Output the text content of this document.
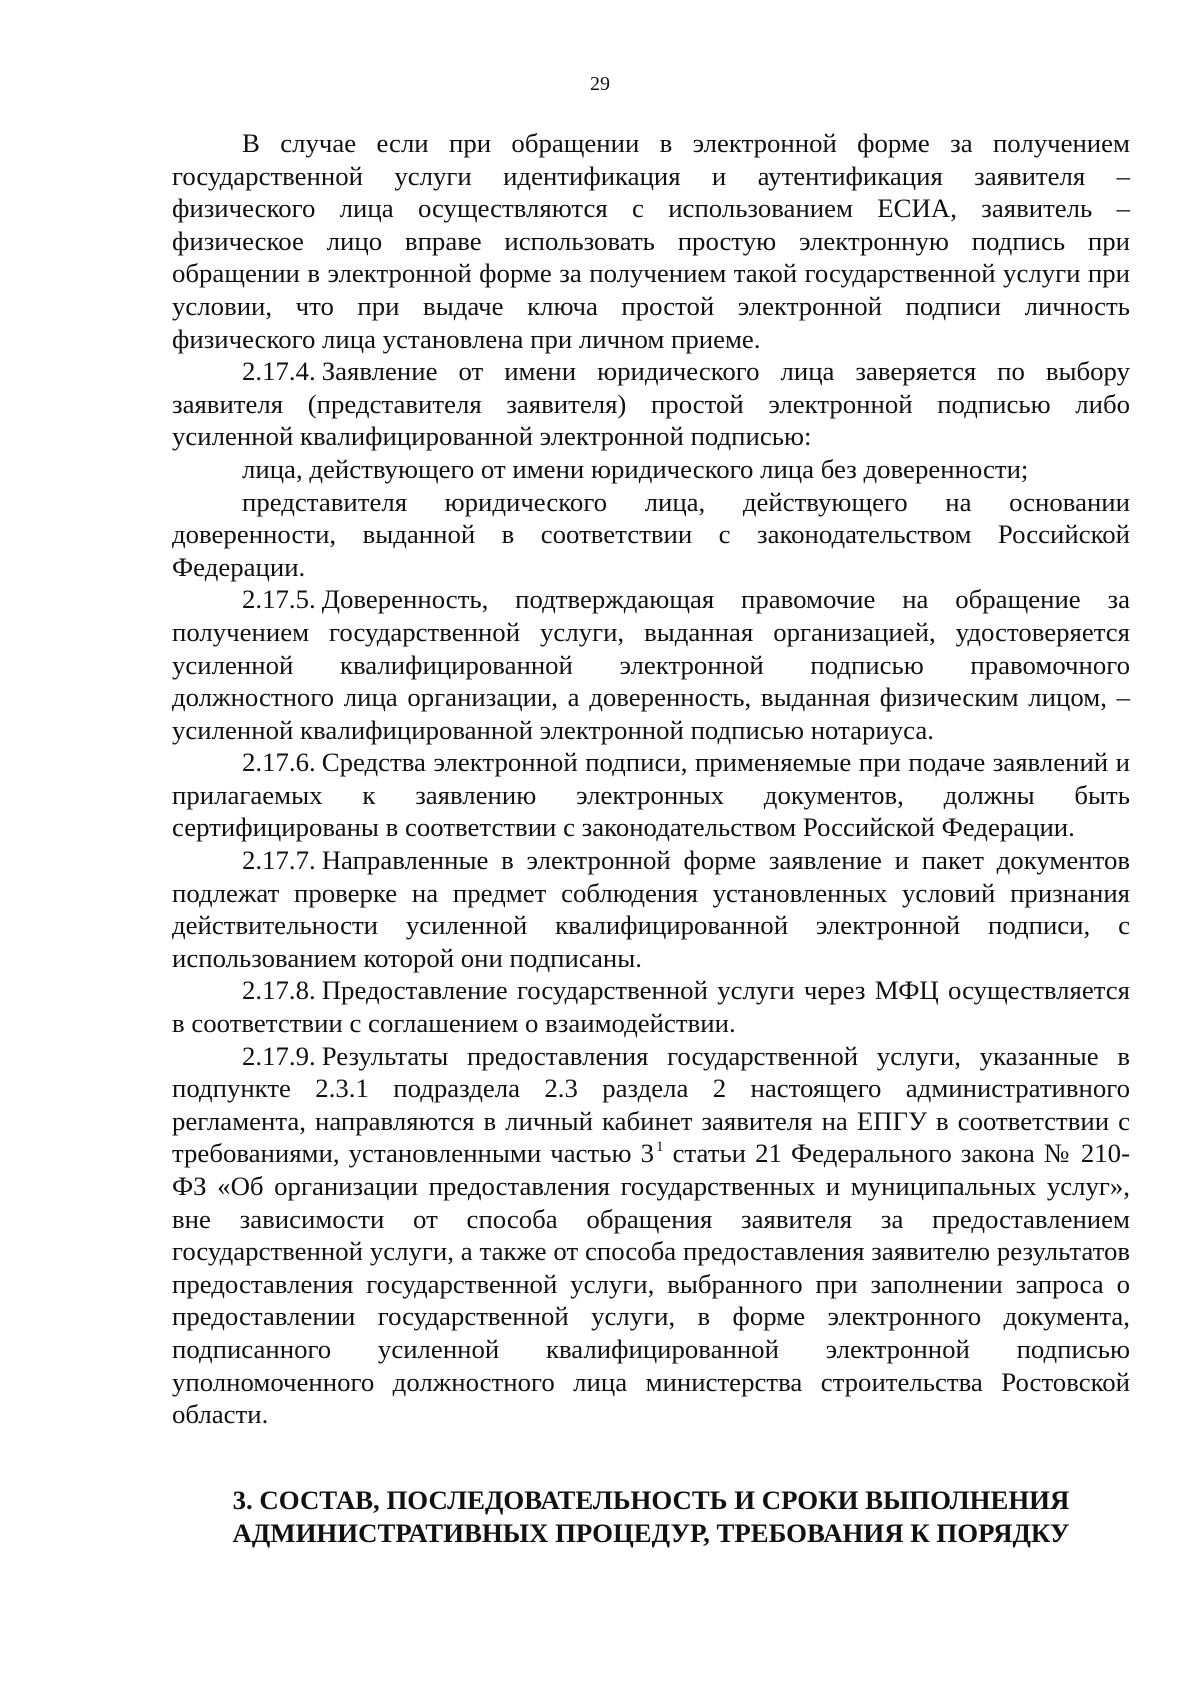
29

В случае если при обращении в электронной форме за получением государственной услуги идентификация и аутентификация заявителя – физического лица осуществляются с использованием ЕСИА, заявитель – физическое лицо вправе использовать простую электронную подпись при обращении в электронной форме за получением такой государственной услуги при условии, что при выдаче ключа простой электронной подписи личность физического лица установлена при личном приеме.

2.17.4. Заявление от имени юридического лица заверяется по выбору заявителя (представителя заявителя) простой электронной подписью либо усиленной квалифицированной электронной подписью:

лица, действующего от имени юридического лица без доверенности;

представителя юридического лица, действующего на основании доверенности, выданной в соответствии с законодательством Российской Федерации.

2.17.5. Доверенность, подтверждающая правомочие на обращение за получением государственной услуги, выданная организацией, удостоверяется усиленной квалифицированной электронной подписью правомочного должностного лица организации, а доверенность, выданная физическим лицом, – усиленной квалифицированной электронной подписью нотариуса.

2.17.6. Средства электронной подписи, применяемые при подаче заявлений и прилагаемых к заявлению электронных документов, должны быть сертифицированы в соответствии с законодательством Российской Федерации.

2.17.7. Направленные в электронной форме заявление и пакет документов подлежат проверке на предмет соблюдения установленных условий признания действительности усиленной квалифицированной электронной подписи, с использованием которой они подписаны.

2.17.8. Предоставление государственной услуги через МФЦ осуществляется в соответствии с соглашением о взаимодействии.

2.17.9. Результаты предоставления государственной услуги, указанные в подпункте 2.3.1 подраздела 2.3 раздела 2 настоящего административного регламента, направляются в личный кабинет заявителя на ЕПГУ в соответствии с требованиями, установленными частью 3 $^1$ статьи 21 Федерального закона № 210-ФЗ «Об организации предоставления государственных и муниципальных услуг», вне зависимости от способа обращения заявителя за предоставлением государственной услуги, а также от способа предоставления заявителю результатов предоставления государственной услуги, выбранного при заполнении запроса о предоставлении государственной услуги, в форме электронного документа, подписанного усиленной квалифицированной электронной подписью уполномоченного должностного лица министерства строительства Ростовской области.

3. СОСТАВ, ПОСЛЕДОВАТЕЛЬНОСТЬ И СРОКИ ВЫПОЛНЕНИЯ
АДМИНИСТРАТИВНЫХ ПРОЦЕДУР, ТРЕБОВАНИЯ К ПОРЯДКУ
